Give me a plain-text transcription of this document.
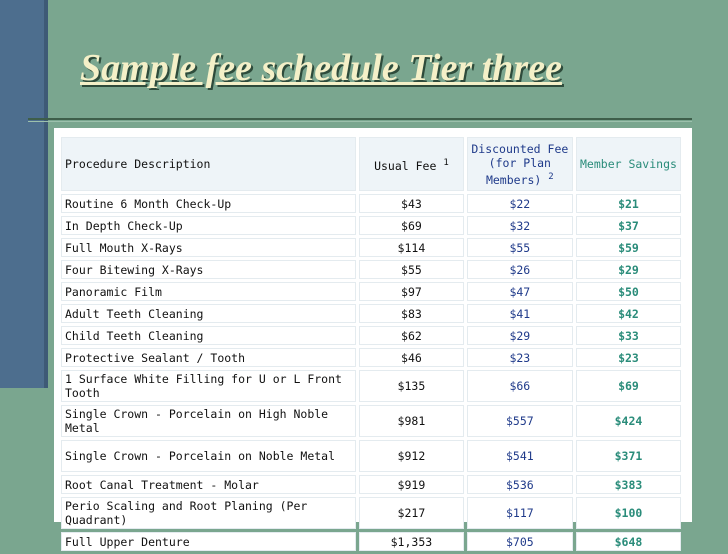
Sample fee schedule Tier three
Procedure Description	Usual Fee $^1$	Discounted Fee (for Plan Members) $^2$	Member Savings
Routine 6 Month Check-Up	$43	$22	$21
In Depth Check-Up	$69	$32	$37
Full Mouth X-Rays	$114	$55	$59
Four Bitewing X-Rays	$55	$26	$29
Panoramic Film	$97	$47	$50
Adult Teeth Cleaning	$83	$41	$42
Child Teeth Cleaning	$62	$29	$33
Protective Sealant / Tooth	$46	$23	$23
1 Surface White Filling for U or L Front Tooth	$135	$66	$69
Single Crown - Porcelain on High Noble Metal	$981	$557	$424
Single Crown - Porcelain on Noble Metal	$912	$541	$371
Root Canal Treatment - Molar	$919	$536	$383
Perio Scaling and Root Planing (Per Quadrant)	$217	$117	$100
Full Upper Denture	$1,353	$705	$648
